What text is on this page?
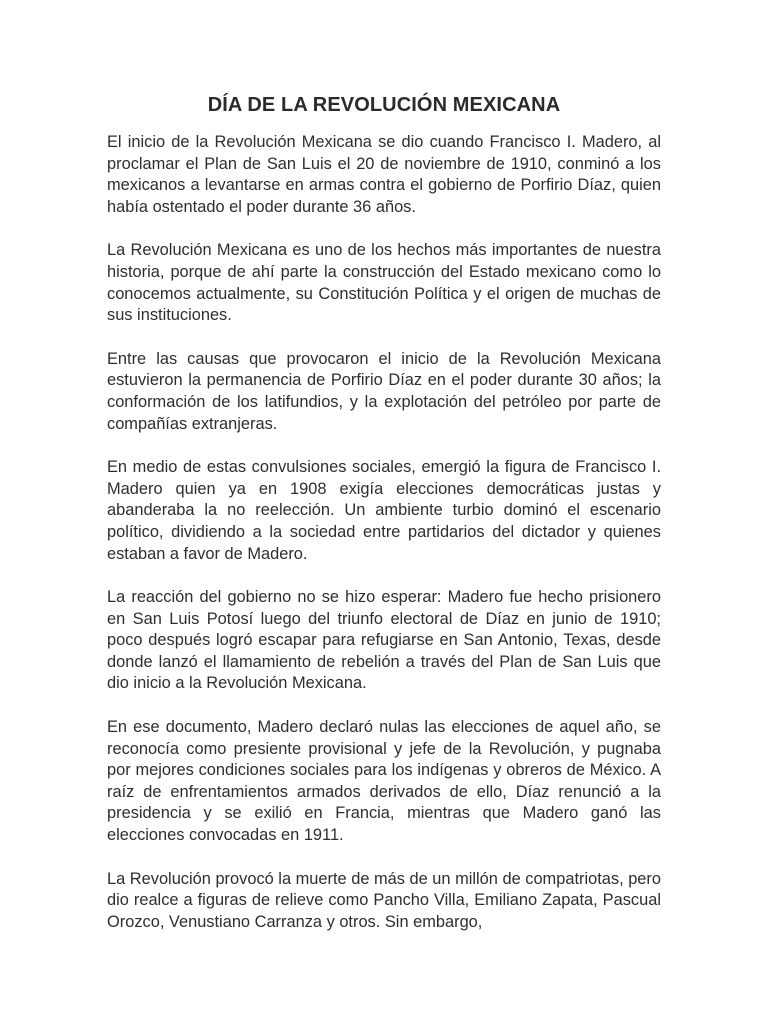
DÍA DE LA REVOLUCIÓN MEXICANA

El inicio de la Revolución Mexicana se dio cuando Francisco I. Madero, al proclamar el Plan de San Luis el 20 de noviembre de 1910, conminó a los mexicanos a levantarse en armas contra el gobierno de Porfirio Díaz, quien había ostentado el poder durante 36 años.

La Revolución Mexicana es uno de los hechos más importantes de nuestra historia, porque de ahí parte la construcción del Estado mexicano como lo conocemos actualmente, su Constitución Política y el origen de muchas de sus instituciones.

Entre las causas que provocaron el inicio de la Revolución Mexicana estuvieron la permanencia de Porfirio Díaz en el poder durante 30 años; la conformación de los latifundios, y la explotación del petróleo por parte de compañías extranjeras.

En medio de estas convulsiones sociales, emergió la figura de Francisco I. Madero quien ya en 1908 exigía elecciones democráticas justas y abanderaba la no reelección. Un ambiente turbio dominó el escenario político, dividiendo a la sociedad entre partidarios del dictador y quienes estaban a favor de Madero.

La reacción del gobierno no se hizo esperar: Madero fue hecho prisionero en San Luis Potosí luego del triunfo electoral de Díaz en junio de 1910; poco después logró escapar para refugiarse en San Antonio, Texas, desde donde lanzó el llamamiento de rebelión a través del Plan de San Luis que dio inicio a la Revolución Mexicana.

En ese documento, Madero declaró nulas las elecciones de aquel año, se reconocía como presiente provisional y jefe de la Revolución, y pugnaba por mejores condiciones sociales para los indígenas y obreros de México. A raíz de enfrentamientos armados derivados de ello, Díaz renunció a la presidencia y se exilió en Francia, mientras que Madero ganó las elecciones convocadas en 1911.

La Revolución provocó la muerte de más de un millón de compatriotas, pero dio realce a figuras de relieve como Pancho Villa, Emiliano Zapata, Pascual Orozco, Venustiano Carranza y otros. Sin embargo,
